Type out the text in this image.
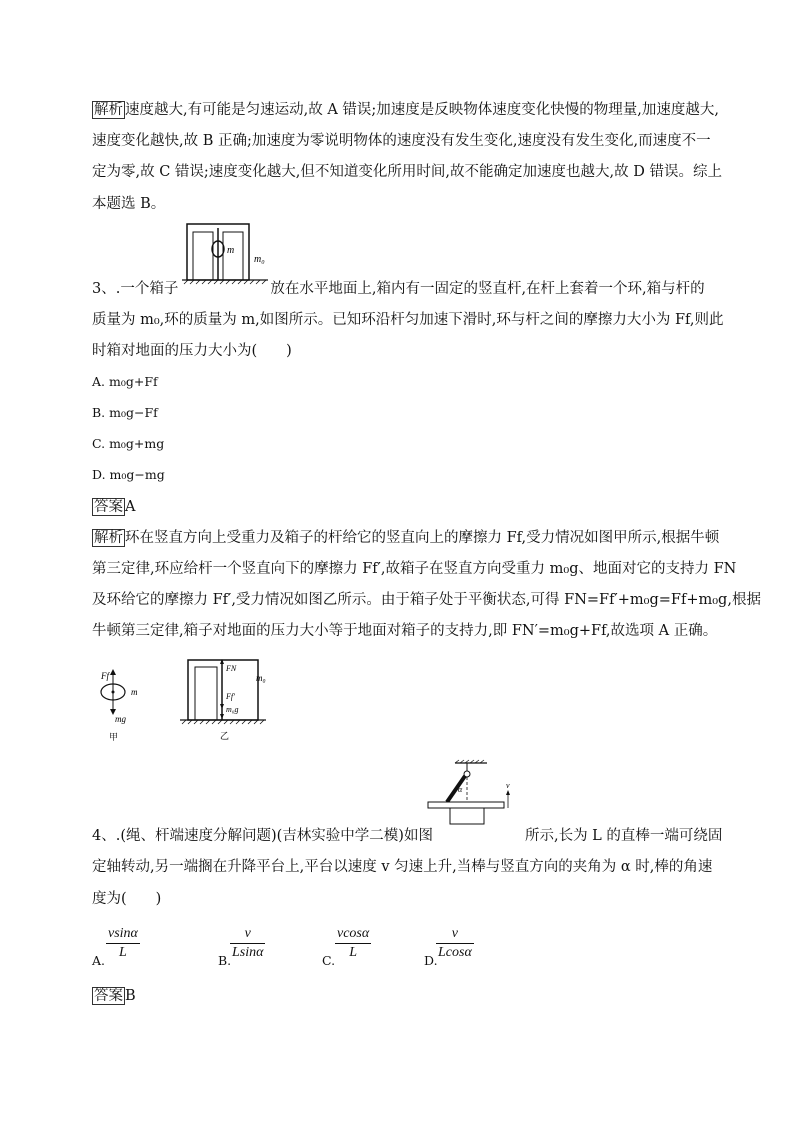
解析 速度越大,有可能是匀速运动,故 A 错误;加速度是反映物体速度变化快慢的物理量,加速度越大,
速度变化越快,故 B 正确;加速度为零说明物体的速度没有发生变化,速度没有发生变化,而速度不一
定为零,故 C 错误;速度变化越大,但不知道变化所用时间,故不能确定加速度也越大,故 D 错误。综上
本题选 B。
m
m₀
3、.一个箱子	放在水平地面上,箱内有一固定的竖直杆,在杆上套着一个环,箱与杆的
质量为 m₀,环的质量为 m,如图所示。已知环沿杆匀加速下滑时,环与杆之间的摩擦力大小为 Ff,则此
时箱对地面的压力大小为(　　)
A. m₀g+Ff
B. m₀g−Ff
C. m₀g+mg
D. m₀g−mg
答案 A
解析 环在竖直方向上受重力及箱子的杆给它的竖直向上的摩擦力 Ff,受力情况如图甲所示,根据牛顿
第三定律,环应给杆一个竖直向下的摩擦力 Ff′,故箱子在竖直方向受重力 m₀g、地面对它的支持力 FN
及环给它的摩擦力 Ff′,受力情况如图乙所示。由于箱子处于平衡状态,可得 FN=Ff′+m₀g=Ff+m₀g,根据
牛顿第三定律,箱子对地面的压力大小等于地面对箱子的支持力,即 FN′=m₀g+Ff,故选项 A 正确。
Ff
m
mg
甲
FN
Ff′
m₀g
m₀
乙
α	v
4、.(绳、杆端速度分解问题)(吉林实验中学二模)如图	所示,长为 L 的直棒一端可绕固
定轴转动,另一端搁在升降平台上,平台以速度 v 匀速上升,当棒与竖直方向的夹角为 α 时,棒的角速
度为(　　)
A.
vsinα
L
B.
v
Lsinα
C.
vcosα
L
D.
v
Lcosα
答案 B
